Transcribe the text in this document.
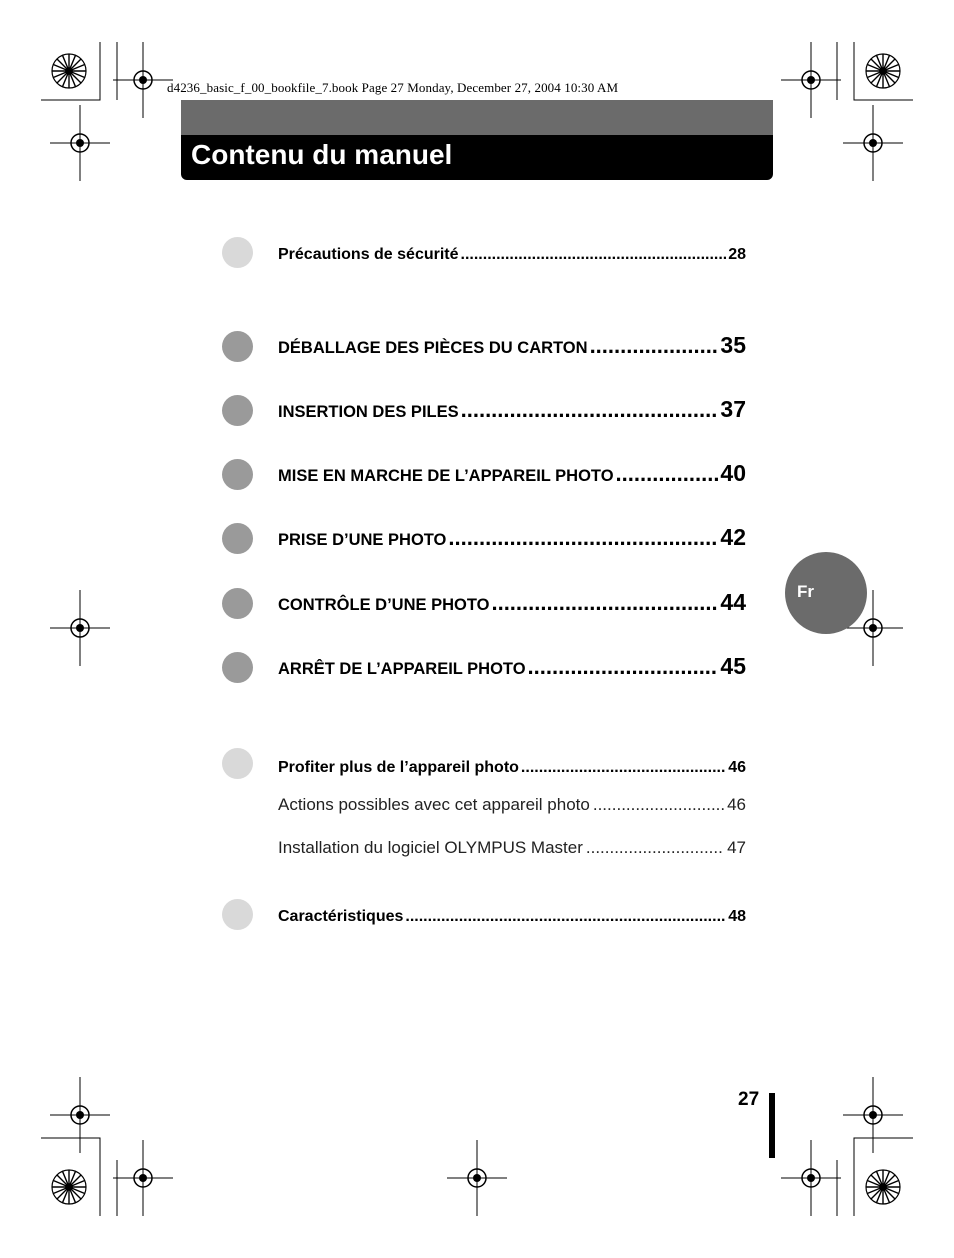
d4236_basic_f_00_bookfile_7.book Page 27 Monday, December 27, 2004 10:30 AM
Contenu du manuel
Précautions de sécurité .....	28
DÉBALLAGE DES PIÈCES DU CARTON .....	35
INSERTION DES PILES .....	37
MISE EN MARCHE DE L’APPAREIL PHOTO .....	40
PRISE D’UNE PHOTO .....	42
CONTRÔLE D’UNE PHOTO .....	44
ARRÊT DE L’APPAREIL PHOTO .....	45
Profiter plus de l’appareil photo .....	46
Actions possibles avec cet appareil photo .....	46
Installation du logiciel OLYMPUS Master .....	47
Caractéristiques .....	48
Fr
27
